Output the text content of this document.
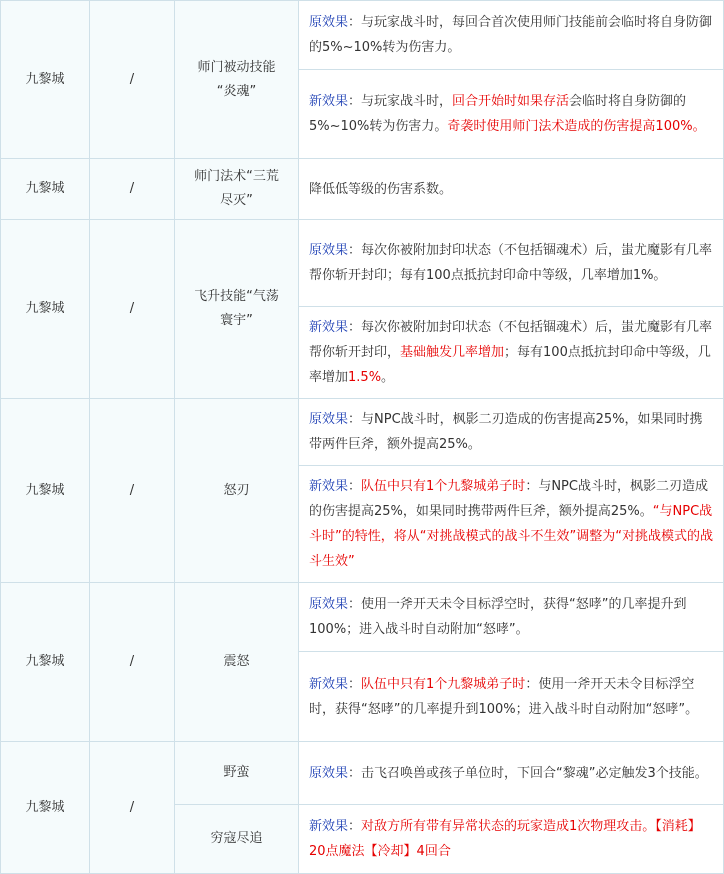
九黎城	/	师门被动技能
“炎魂”	原效果：与玩家战斗时，每回合首次使用师门技能前会临时将自身防御的5%~10%转为伤害力。
			新效果：与玩家战斗时，回合开始时如果存活会临时将自身防御的5%~10%转为伤害力。奇袭时使用师门法术造成的伤害提高100%。
九黎城	/	师门法术“三荒
尽灭”	降低低等级的伤害系数。
九黎城	/	飞升技能“气荡
寰宇”	原效果：每次你被附加封印状态（不包括锢魂术）后，蚩尤魔影有几率帮你斩开封印；每有100点抵抗封印命中等级，几率增加1%。
			新效果：每次你被附加封印状态（不包括锢魂术）后，蚩尤魔影有几率帮你斩开封印，基础触发几率增加；每有100点抵抗封印命中等级，几率增加1.5%。
九黎城	/	怒刃	原效果：与NPC战斗时，枫影二刃造成的伤害提高25%，如果同时携带两件巨斧，额外提高25%。
			新效果：队伍中只有1个九黎城弟子时：与NPC战斗时，枫影二刃造成的伤害提高25%，如果同时携带两件巨斧，额外提高25%。“与NPC战斗时”的特性，将从“对挑战模式的战斗不生效”调整为“对挑战模式的战斗生效”
九黎城	/	震怒	原效果：使用一斧开天未令目标浮空时，获得“怒哮”的几率提升到100%；进入战斗时自动附加“怒哮”。
			新效果：队伍中只有1个九黎城弟子时：使用一斧开天未令目标浮空时，获得“怒哮”的几率提升到100%；进入战斗时自动附加“怒哮”。
九黎城	/	野蛮	原效果：击飞召唤兽或孩子单位时，下回合“黎魂”必定触发3个技能。
		穷寇尽追	新效果：对敌方所有带有异常状态的玩家造成1次物理攻击。【消耗】20点魔法【冷却】4回合
